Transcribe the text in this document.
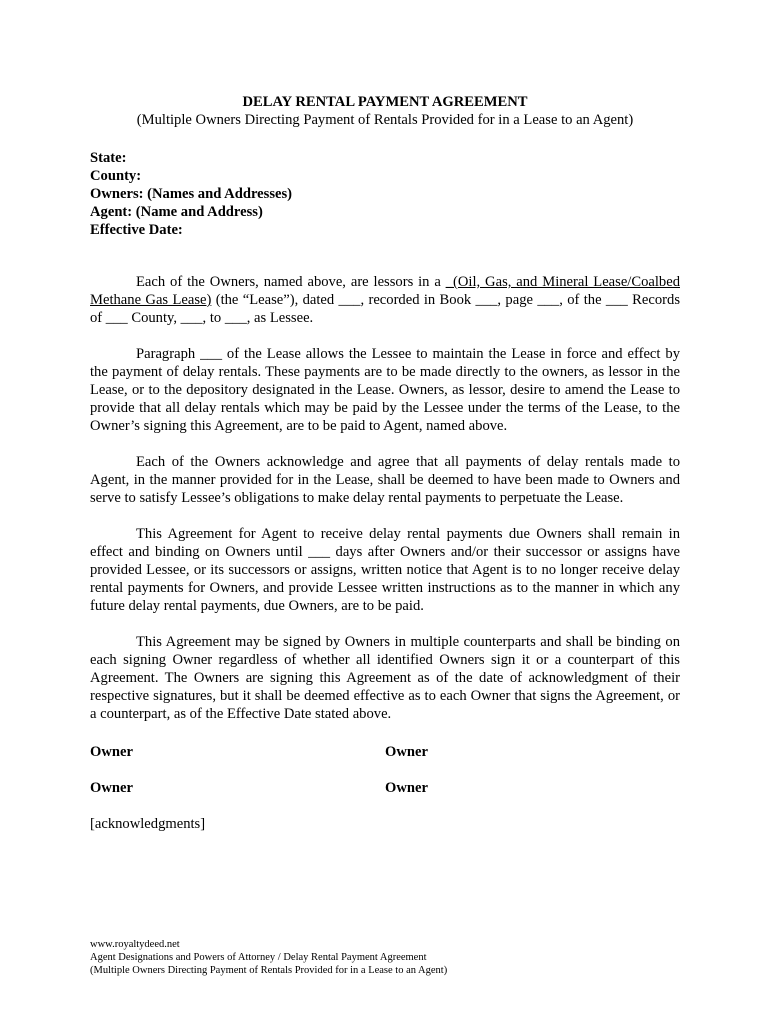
DELAY RENTAL PAYMENT AGREEMENT

(Multiple Owners Directing Payment of Rentals Provided for in a Lease to an Agent)

State:
County:
Owners: (Names and Addresses)
Agent: (Name and Address)
Effective Date:

Each of the Owners, named above, are lessors in a _(Oil, Gas, and Mineral Lease/Coalbed Methane Gas Lease) (the “Lease”), dated ___, recorded in Book ___, page ___, of the ___ Records of ___ County, ___, to ___, as Lessee.

Paragraph ___ of the Lease allows the Lessee to maintain the Lease in force and effect by the payment of delay rentals. These payments are to be made directly to the owners, as lessor in the Lease, or to the depository designated in the Lease. Owners, as lessor, desire to amend the Lease to provide that all delay rentals which may be paid by the Lessee under the terms of the Lease, to the Owner’s signing this Agreement, are to be paid to Agent, named above.

Each of the Owners acknowledge and agree that all payments of delay rentals made to Agent, in the manner provided for in the Lease, shall be deemed to have been made to Owners and serve to satisfy Lessee’s obligations to make delay rental payments to perpetuate the Lease.

This Agreement for Agent to receive delay rental payments due Owners shall remain in effect and binding on Owners until ___ days after Owners and/or their successor or assigns have provided Lessee, or its successors or assigns, written notice that Agent is to no longer receive delay rental payments for Owners, and provide Lessee written instructions as to the manner in which any future delay rental payments, due Owners, are to be paid.

This Agreement may be signed by Owners in multiple counterparts and shall be binding on each signing Owner regardless of whether all identified Owners sign it or a counterpart of this Agreement. The Owners are signing this Agreement as of the date of acknowledgment of their respective signatures, but it shall be deemed effective as to each Owner that signs the Agreement, or a counterpart, as of the Effective Date stated above.

Owner	Owner
Owner	Owner

[acknowledgments]

www.royaltydeed.net
Agent Designations and Powers of Attorney / Delay Rental Payment Agreement
(Multiple Owners Directing Payment of Rentals Provided for in a Lease to an Agent)
